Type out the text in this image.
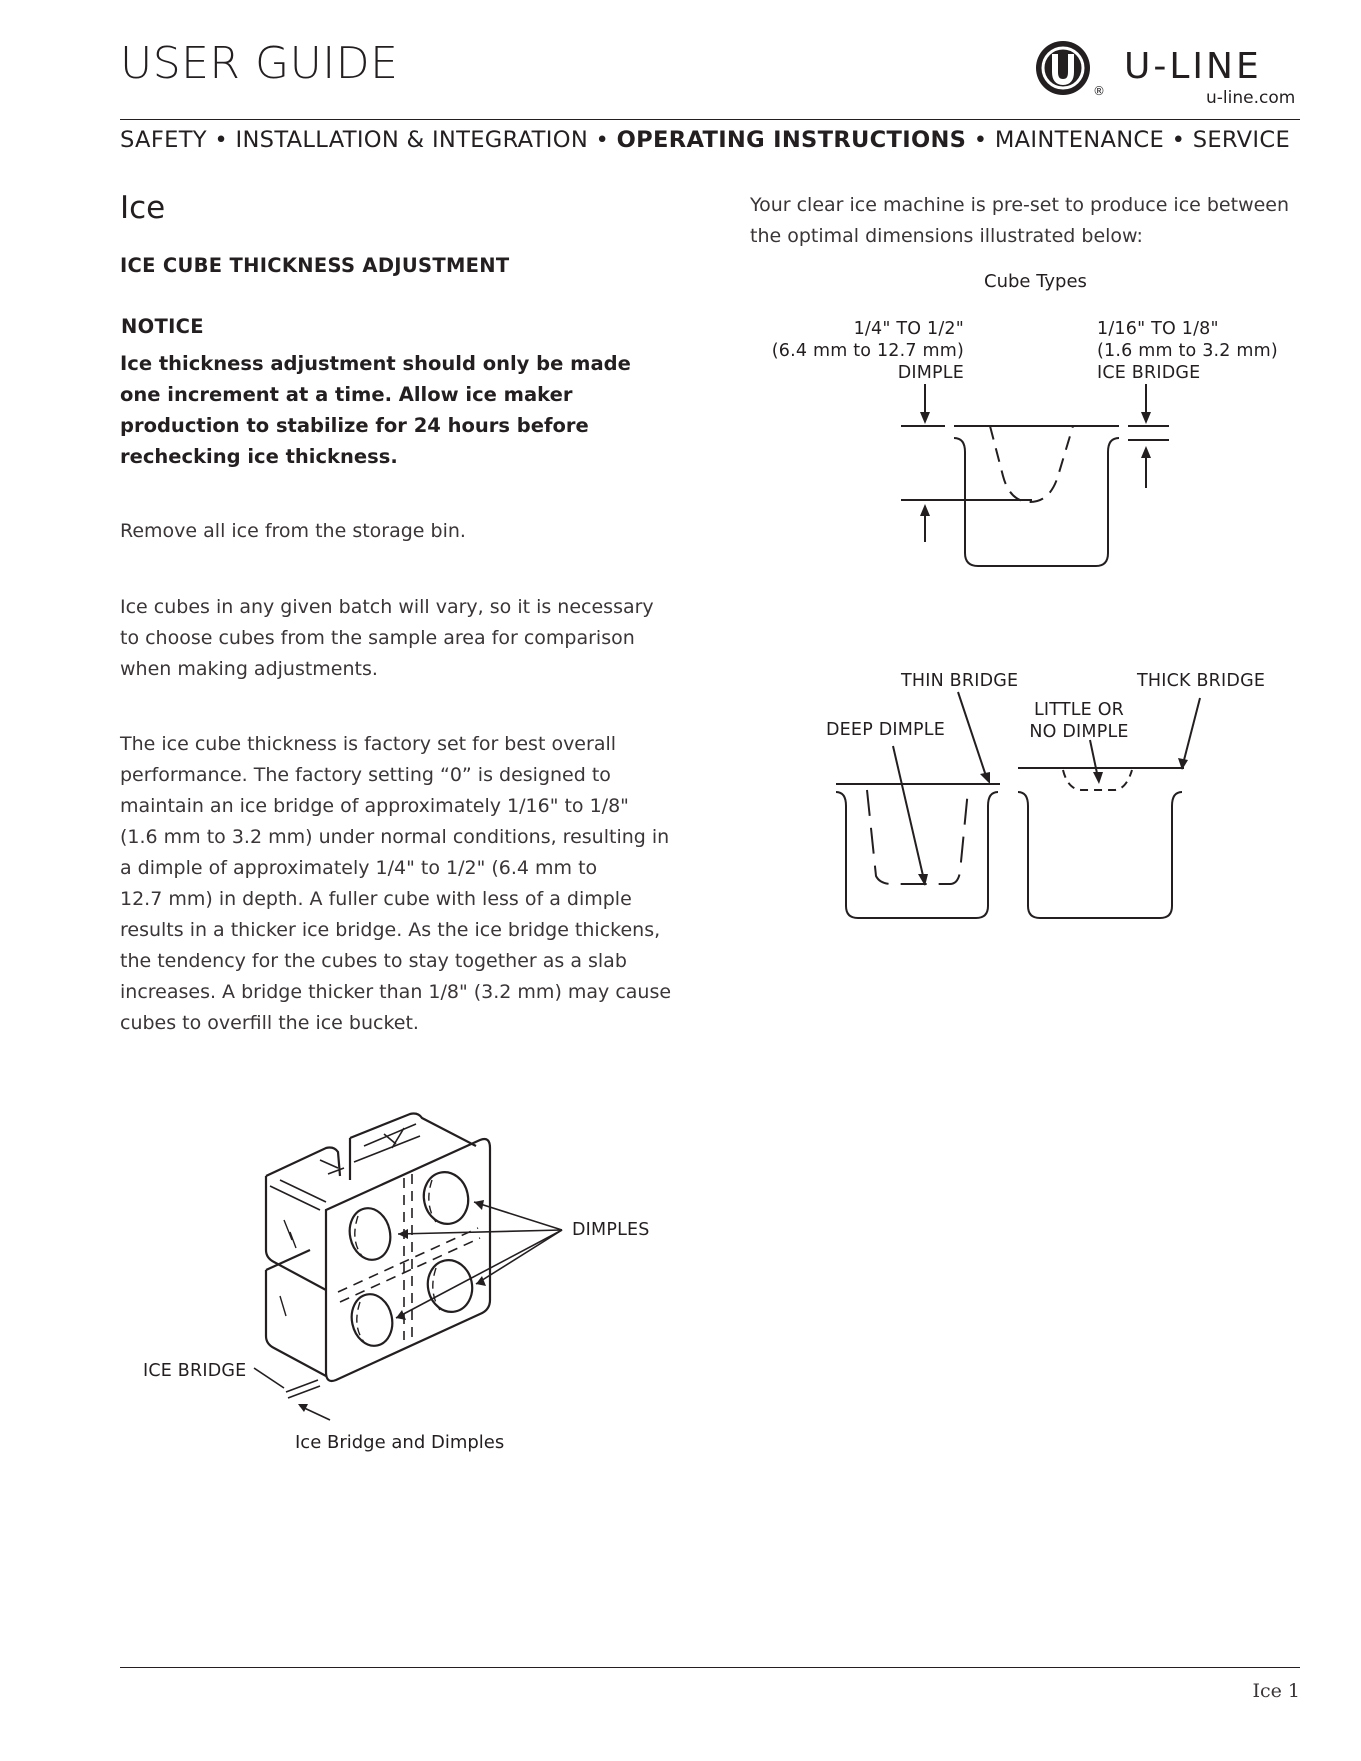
USER GUIDE
®
U-LINE
u-line.com
SAFETY • INSTALLATION & INTEGRATION • OPERATING INSTRUCTIONS • MAINTENANCE • SERVICE
Ice
ICE CUBE THICKNESS ADJUSTMENT
NOTICE
Ice thickness adjustment should only be made
one increment at a time. Allow ice maker
production to stabilize for 24 hours before
rechecking ice thickness.
Remove all ice from the storage bin.
Ice cubes in any given batch will vary, so it is necessary
to choose cubes from the sample area for comparison
when making adjustments.
The ice cube thickness is factory set for best overall
performance. The factory setting “0” is designed to
maintain an ice bridge of approximately 1/16" to 1/8"
(1.6 mm to 3.2 mm) under normal conditions, resulting in
a dimple of approximately 1/4" to 1/2" (6.4 mm to
12.7 mm) in depth. A fuller cube with less of a dimple
results in a thicker ice bridge. As the ice bridge thickens,
the tendency for the cubes to stay together as a slab
increases. A bridge thicker than 1/8" (3.2 mm) may cause
cubes to overfill the ice bucket.
Your clear ice machine is pre-set to produce ice between
the optimal dimensions illustrated below:
Cube Types
1/4" TO 1/2"
(6.4 mm to 12.7 mm)
DIMPLE
1/16" TO 1/8"
(1.6 mm to 3.2 mm)
ICE BRIDGE
THIN BRIDGE	THICK BRIDGE
DEEP DIMPLE
LITTLE OR
NO DIMPLE
DIMPLES
ICE BRIDGE
Ice Bridge and Dimples
Ice 1
